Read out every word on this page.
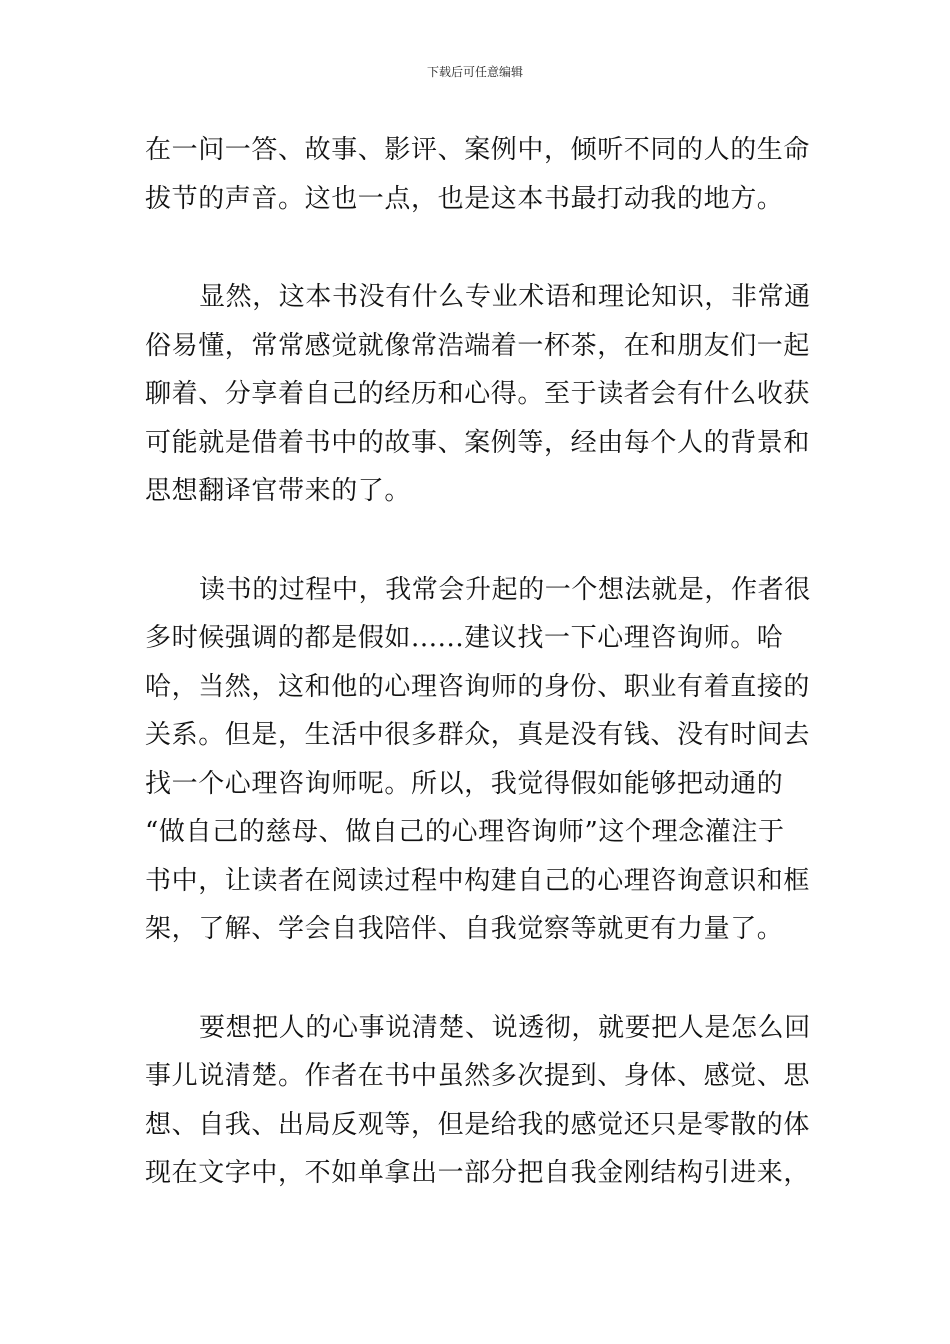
下载后可任意编辑

在一问一答、故事、影评、案例中，倾听不同的人的生命
拔节的声音。这也一点，也是这本书最打动我的地方。

显然，这本书没有什么专业术语和理论知识，非常通
俗易懂，常常感觉就像常浩端着一杯茶，在和朋友们一起
聊着、分享着自己的经历和心得。至于读者会有什么收获
可能就是借着书中的故事、案例等，经由每个人的背景和
思想翻译官带来的了。

读书的过程中，我常会升起的一个想法就是，作者很
多时候强调的都是假如......建议找一下心理咨询师。哈
哈，当然，这和他的心理咨询师的身份、职业有着直接的
关系。但是，生活中很多群众，真是没有钱、没有时间去
找一个心理咨询师呢。所以，我觉得假如能够把动通的
“做自己的慈母、做自己的心理咨询师”这个理念灌注于
书中，让读者在阅读过程中构建自己的心理咨询意识和框
架，了解、学会自我陪伴、自我觉察等就更有力量了。

要想把人的心事说清楚、说透彻，就要把人是怎么回
事儿说清楚。作者在书中虽然多次提到、身体、感觉、思
想、自我、出局反观等，但是给我的感觉还只是零散的体
现在文字中，不如单拿出一部分把自我金刚结构引进来，
